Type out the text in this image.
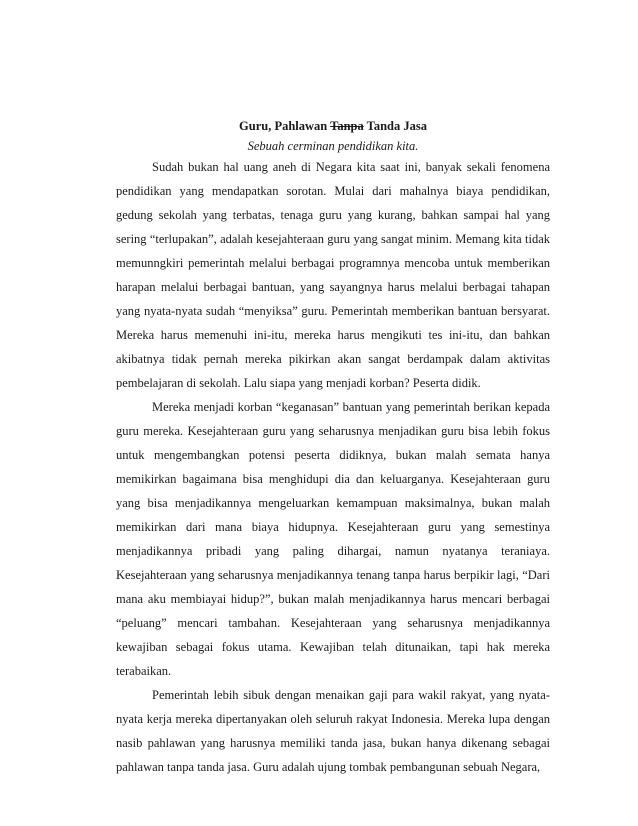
Guru, Pahlawan Tanpa Tanda Jasa

Sebuah cerminan pendidikan kita.

Sudah bukan hal uang aneh di Negara kita saat ini, banyak sekali fenomena pendidikan yang mendapatkan sorotan. Mulai dari mahalnya biaya pendidikan, gedung sekolah yang terbatas, tenaga guru yang kurang, bahkan sampai hal yang sering “terlupakan”, adalah kesejahteraan guru yang sangat minim. Memang kita tidak memunngkiri pemerintah melalui berbagai programnya mencoba untuk memberikan harapan melalui berbagai bantuan, yang sayangnya harus melalui berbagai tahapan yang nyata-nyata sudah “menyiksa” guru. Pemerintah memberikan bantuan bersyarat. Mereka harus memenuhi ini-itu, mereka harus mengikuti tes ini-itu, dan bahkan akibatnya tidak pernah mereka pikirkan akan sangat berdampak dalam aktivitas pembelajaran di sekolah. Lalu siapa yang menjadi korban? Peserta didik.

Mereka menjadi korban “keganasan” bantuan yang pemerintah berikan kepada guru mereka. Kesejahteraan guru yang seharusnya menjadikan guru bisa lebih fokus untuk mengembangkan potensi peserta didiknya, bukan malah semata hanya memikirkan bagaimana bisa menghidupi dia dan keluarganya. Kesejahteraan guru yang bisa menjadikannya mengeluarkan kemampuan maksimalnya, bukan malah memikirkan dari mana biaya hidupnya. Kesejahteraan guru yang semestinya menjadikannya pribadi yang paling dihargai, namun nyatanya teraniaya. Kesejahteraan yang seharusnya menjadikannya tenang tanpa harus berpikir lagi, “Dari mana aku membiayai hidup?”, bukan malah menjadikannya harus mencari berbagai “peluang” mencari tambahan. Kesejahteraan yang seharusnya menjadikannya kewajiban sebagai fokus utama. Kewajiban telah ditunaikan, tapi hak mereka terabaikan.

Pemerintah lebih sibuk dengan menaikan gaji para wakil rakyat, yang nyata-nyata kerja mereka dipertanyakan oleh seluruh rakyat Indonesia. Mereka lupa dengan nasib pahlawan yang harusnya memiliki tanda jasa, bukan hanya dikenang sebagai pahlawan tanpa tanda jasa. Guru adalah ujung tombak pembangunan sebuah Negara,
